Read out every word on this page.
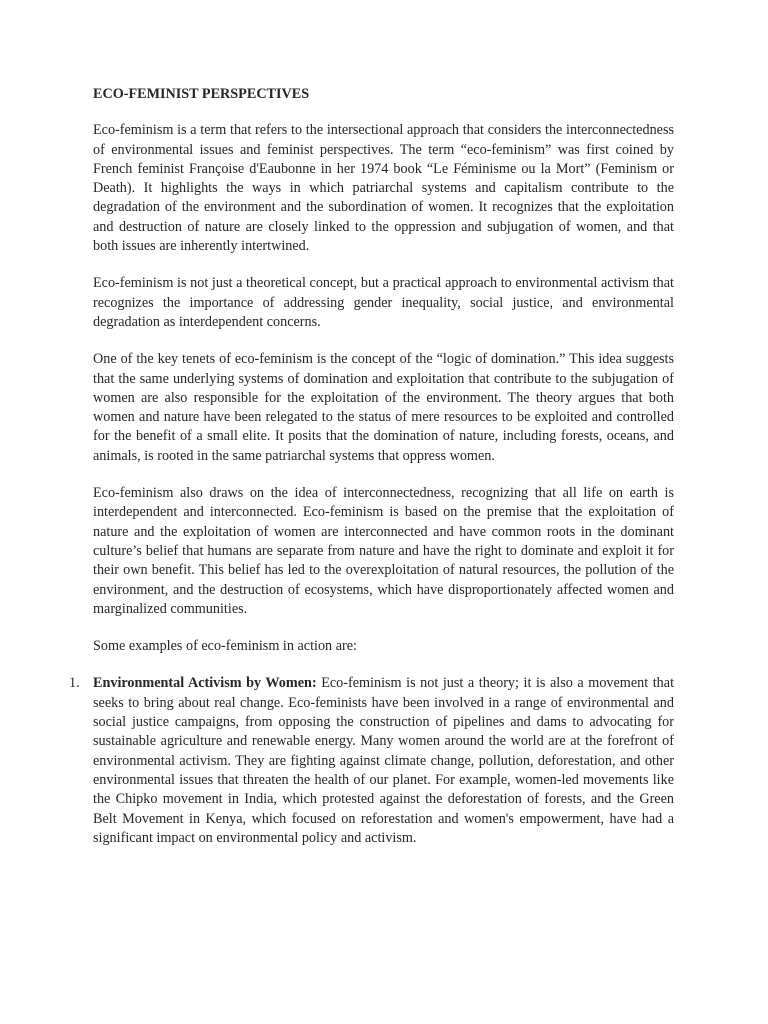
ECO-FEMINIST PERSPECTIVES

Eco-feminism is a term that refers to the intersectional approach that considers the interconnectedness of environmental issues and feminist perspectives. The term “eco-feminism” was first coined by French feminist Françoise d'Eaubonne in her 1974 book “Le Féminisme ou la Mort” (Feminism or Death). It highlights the ways in which patriarchal systems and capitalism contribute to the degradation of the environment and the subordination of women. It recognizes that the exploitation and destruction of nature are closely linked to the oppression and subjugation of women, and that both issues are inherently intertwined.

Eco-feminism is not just a theoretical concept, but a practical approach to environmental activism that recognizes the importance of addressing gender inequality, social justice, and environmental degradation as interdependent concerns.

One of the key tenets of eco-feminism is the concept of the “logic of domination.” This idea suggests that the same underlying systems of domination and exploitation that contribute to the subjugation of women are also responsible for the exploitation of the environment. The theory argues that both women and nature have been relegated to the status of mere resources to be exploited and controlled for the benefit of a small elite. It posits that the domination of nature, including forests, oceans, and animals, is rooted in the same patriarchal systems that oppress women.

Eco-feminism also draws on the idea of interconnectedness, recognizing that all life on earth is interdependent and interconnected. Eco-feminism is based on the premise that the exploitation of nature and the exploitation of women are interconnected and have common roots in the dominant culture’s belief that humans are separate from nature and have the right to dominate and exploit it for their own benefit. This belief has led to the overexploitation of natural resources, the pollution of the environment, and the destruction of ecosystems, which have disproportionately affected women and marginalized communities.

Some examples of eco-feminism in action are:

1. Environmental Activism by Women: Eco-feminism is not just a theory; it is also a movement that seeks to bring about real change. Eco-feminists have been involved in a range of environmental and social justice campaigns, from opposing the construction of pipelines and dams to advocating for sustainable agriculture and renewable energy. Many women around the world are at the forefront of environmental activism. They are fighting against climate change, pollution, deforestation, and other environmental issues that threaten the health of our planet. For example, women-led movements like the Chipko movement in India, which protested against the deforestation of forests, and the Green Belt Movement in Kenya, which focused on reforestation and women's empowerment, have had a significant impact on environmental policy and activism.
